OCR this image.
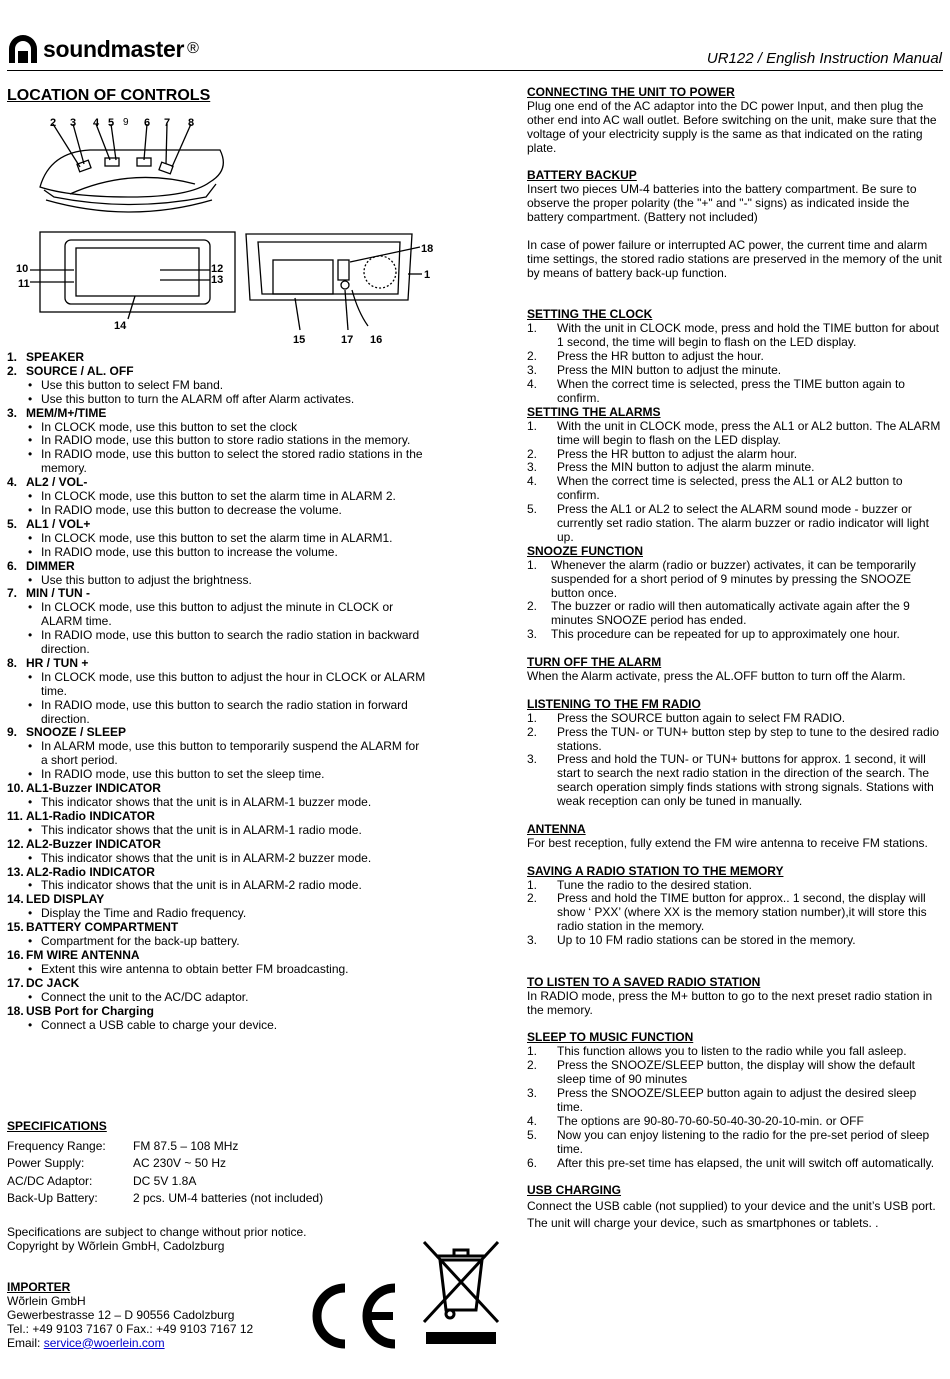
soundmaster ®
UR122 / English Instruction Manual
LOCATION OF CONTROLS
2 3 4 5 9 6 7 8
10
11
12
13
14
15	17 16
18
1
1. SPEAKER
2. SOURCE / AL. OFF
• Use this button to select FM band.
• Use this button to turn the ALARM off after Alarm activates.
3. MEM/M+/TIME
• In CLOCK mode, use this button to set the clock
• In RADIO mode, use this button to store radio stations in the memory.
• In RADIO mode, use this button to select the stored radio stations in the memory.
4. AL2 / VOL-
• In CLOCK mode, use this button to set the alarm time in ALARM 2.
• In RADIO mode, use this button to decrease the volume.
5. AL1 / VOL+
• In CLOCK mode, use this button to set the alarm time in ALARM1.
• In RADIO mode, use this button to increase the volume.
6. DIMMER
• Use this button to adjust the brightness.
7. MIN / TUN -
• In CLOCK mode, use this button to adjust the minute in CLOCK or ALARM time.
• In RADIO mode, use this button to search the radio station in backward direction.
8. HR / TUN +
• In CLOCK mode, use this button to adjust the hour in CLOCK or ALARM time.
• In RADIO mode, use this button to search the radio station in forward direction.
9. SNOOZE / SLEEP
• In ALARM mode, use this button to temporarily suspend the ALARM for a short period.
• In RADIO mode, use this button to set the sleep time.
10. AL1-Buzzer INDICATOR
• This indicator shows that the unit is in ALARM-1 buzzer mode.
11. AL1-Radio INDICATOR
• This indicator shows that the unit is in ALARM-1 radio mode.
12. AL2-Buzzer INDICATOR
• This indicator shows that the unit is in ALARM-2 buzzer mode.
13. AL2-Radio INDICATOR
• This indicator shows that the unit is in ALARM-2 radio mode.
14. LED DISPLAY
• Display the Time and Radio frequency.
15. BATTERY COMPARTMENT
• Compartment for the back-up battery.
16. FM WIRE ANTENNA
• Extent this wire antenna to obtain better FM broadcasting.
17. DC JACK
• Connect the unit to the AC/DC adaptor.
18. USB Port for Charging
• Connect a USB cable to charge your device.
SPECIFICATIONS
Frequency Range:	FM 87.5 – 108 MHz
Power Supply:	AC 230V ~ 50 Hz
AC/DC Adaptor:	DC 5V 1.8A
Back-Up Battery:	2 pcs. UM-4 batteries (not included)
Specifications are subject to change without prior notice.
Copyright by Wõrlein GmbH, Cadolzburg
IMPORTER
Wõrlein GmbH
Gewerbestrasse 12 – D 90556 Cadolzburg
Tel.: +49 9103 7167 0 Fax.: +49 9103 7167 12
Email: service@woerlein.com
CONNECTING THE UNIT TO POWER
Plug one end of the AC adaptor into the DC power Input, and then plug the other end into AC wall outlet. Before switching on the unit, make sure that the voltage of your electricity supply is the same as that indicated on the rating plate.
BATTERY BACKUP
Insert two pieces UM-4 batteries into the battery compartment. Be sure to observe the proper polarity (the "+" and "-" signs) as indicated inside the battery compartment. (Battery not included)
In case of power failure or interrupted AC power, the current time and alarm time settings, the stored radio stations are preserved in the memory of the unit by means of battery back-up function.
SETTING THE CLOCK
1. With the unit in CLOCK mode, press and hold the TIME button for about 1 second, the time will begin to flash on the LED display.
2. Press the HR button to adjust the hour.
3. Press the MIN button to adjust the minute.
4. When the correct time is selected, press the TIME button again to confirm.
SETTING THE ALARMS
1. With the unit in CLOCK mode, press the AL1 or AL2 button. The ALARM time will begin to flash on the LED display.
2. Press the HR button to adjust the alarm hour.
3. Press the MIN button to adjust the alarm minute.
4. When the correct time is selected, press the AL1 or AL2 button to confirm.
5. Press the AL1 or AL2 to select the ALARM sound mode - buzzer or currently set radio station. The alarm buzzer or radio indicator will light up.
SNOOZE FUNCTION
1. Whenever the alarm (radio or buzzer) activates, it can be temporarily suspended for a short period of 9 minutes by pressing the SNOOZE button once.
2. The buzzer or radio will then automatically activate again after the 9 minutes SNOOZE period has ended.
3. This procedure can be repeated for up to approximately one hour.
TURN OFF THE ALARM
When the Alarm activate, press the AL.OFF button to turn off the Alarm.
LISTENING TO THE FM RADIO
1. Press the SOURCE button again to select FM RADIO.
2. Press the TUN- or TUN+ button step by step to tune to the desired radio stations.
3. Press and hold the TUN- or TUN+ buttons for approx. 1 second, it will start to search the next radio station in the direction of the search. The search operation simply finds stations with strong signals. Stations with weak reception can only be tuned in manually.
ANTENNA
For best reception, fully extend the FM wire antenna to receive FM stations.
SAVING A RADIO STATION TO THE MEMORY
1. Tune the radio to the desired station.
2. Press and hold the TIME button for approx.. 1 second, the display will show ‘ PXX’ (where XX is the memory station number),it will store this radio station in the memory.
3. Up to 10 FM radio stations can be stored in the memory.
TO LISTEN TO A SAVED RADIO STATION
In RADIO mode, press the M+ button to go to the next preset radio station in the memory.
SLEEP TO MUSIC FUNCTION
1. This function allows you to listen to the radio while you fall asleep.
2. Press the SNOOZE/SLEEP button, the display will show the default sleep time of 90 minutes
3. Press the SNOOZE/SLEEP button again to adjust the desired sleep time.
4. The options are 90-80-70-60-50-40-30-20-10-min. or OFF
5. Now you can enjoy listening to the radio for the pre-set period of sleep time.
6. After this pre-set time has elapsed, the unit will switch off automatically.
USB CHARGING
Connect the USB cable (not supplied) to your device and the unit’s USB port. The unit will charge your device, such as smartphones or tablets. .
